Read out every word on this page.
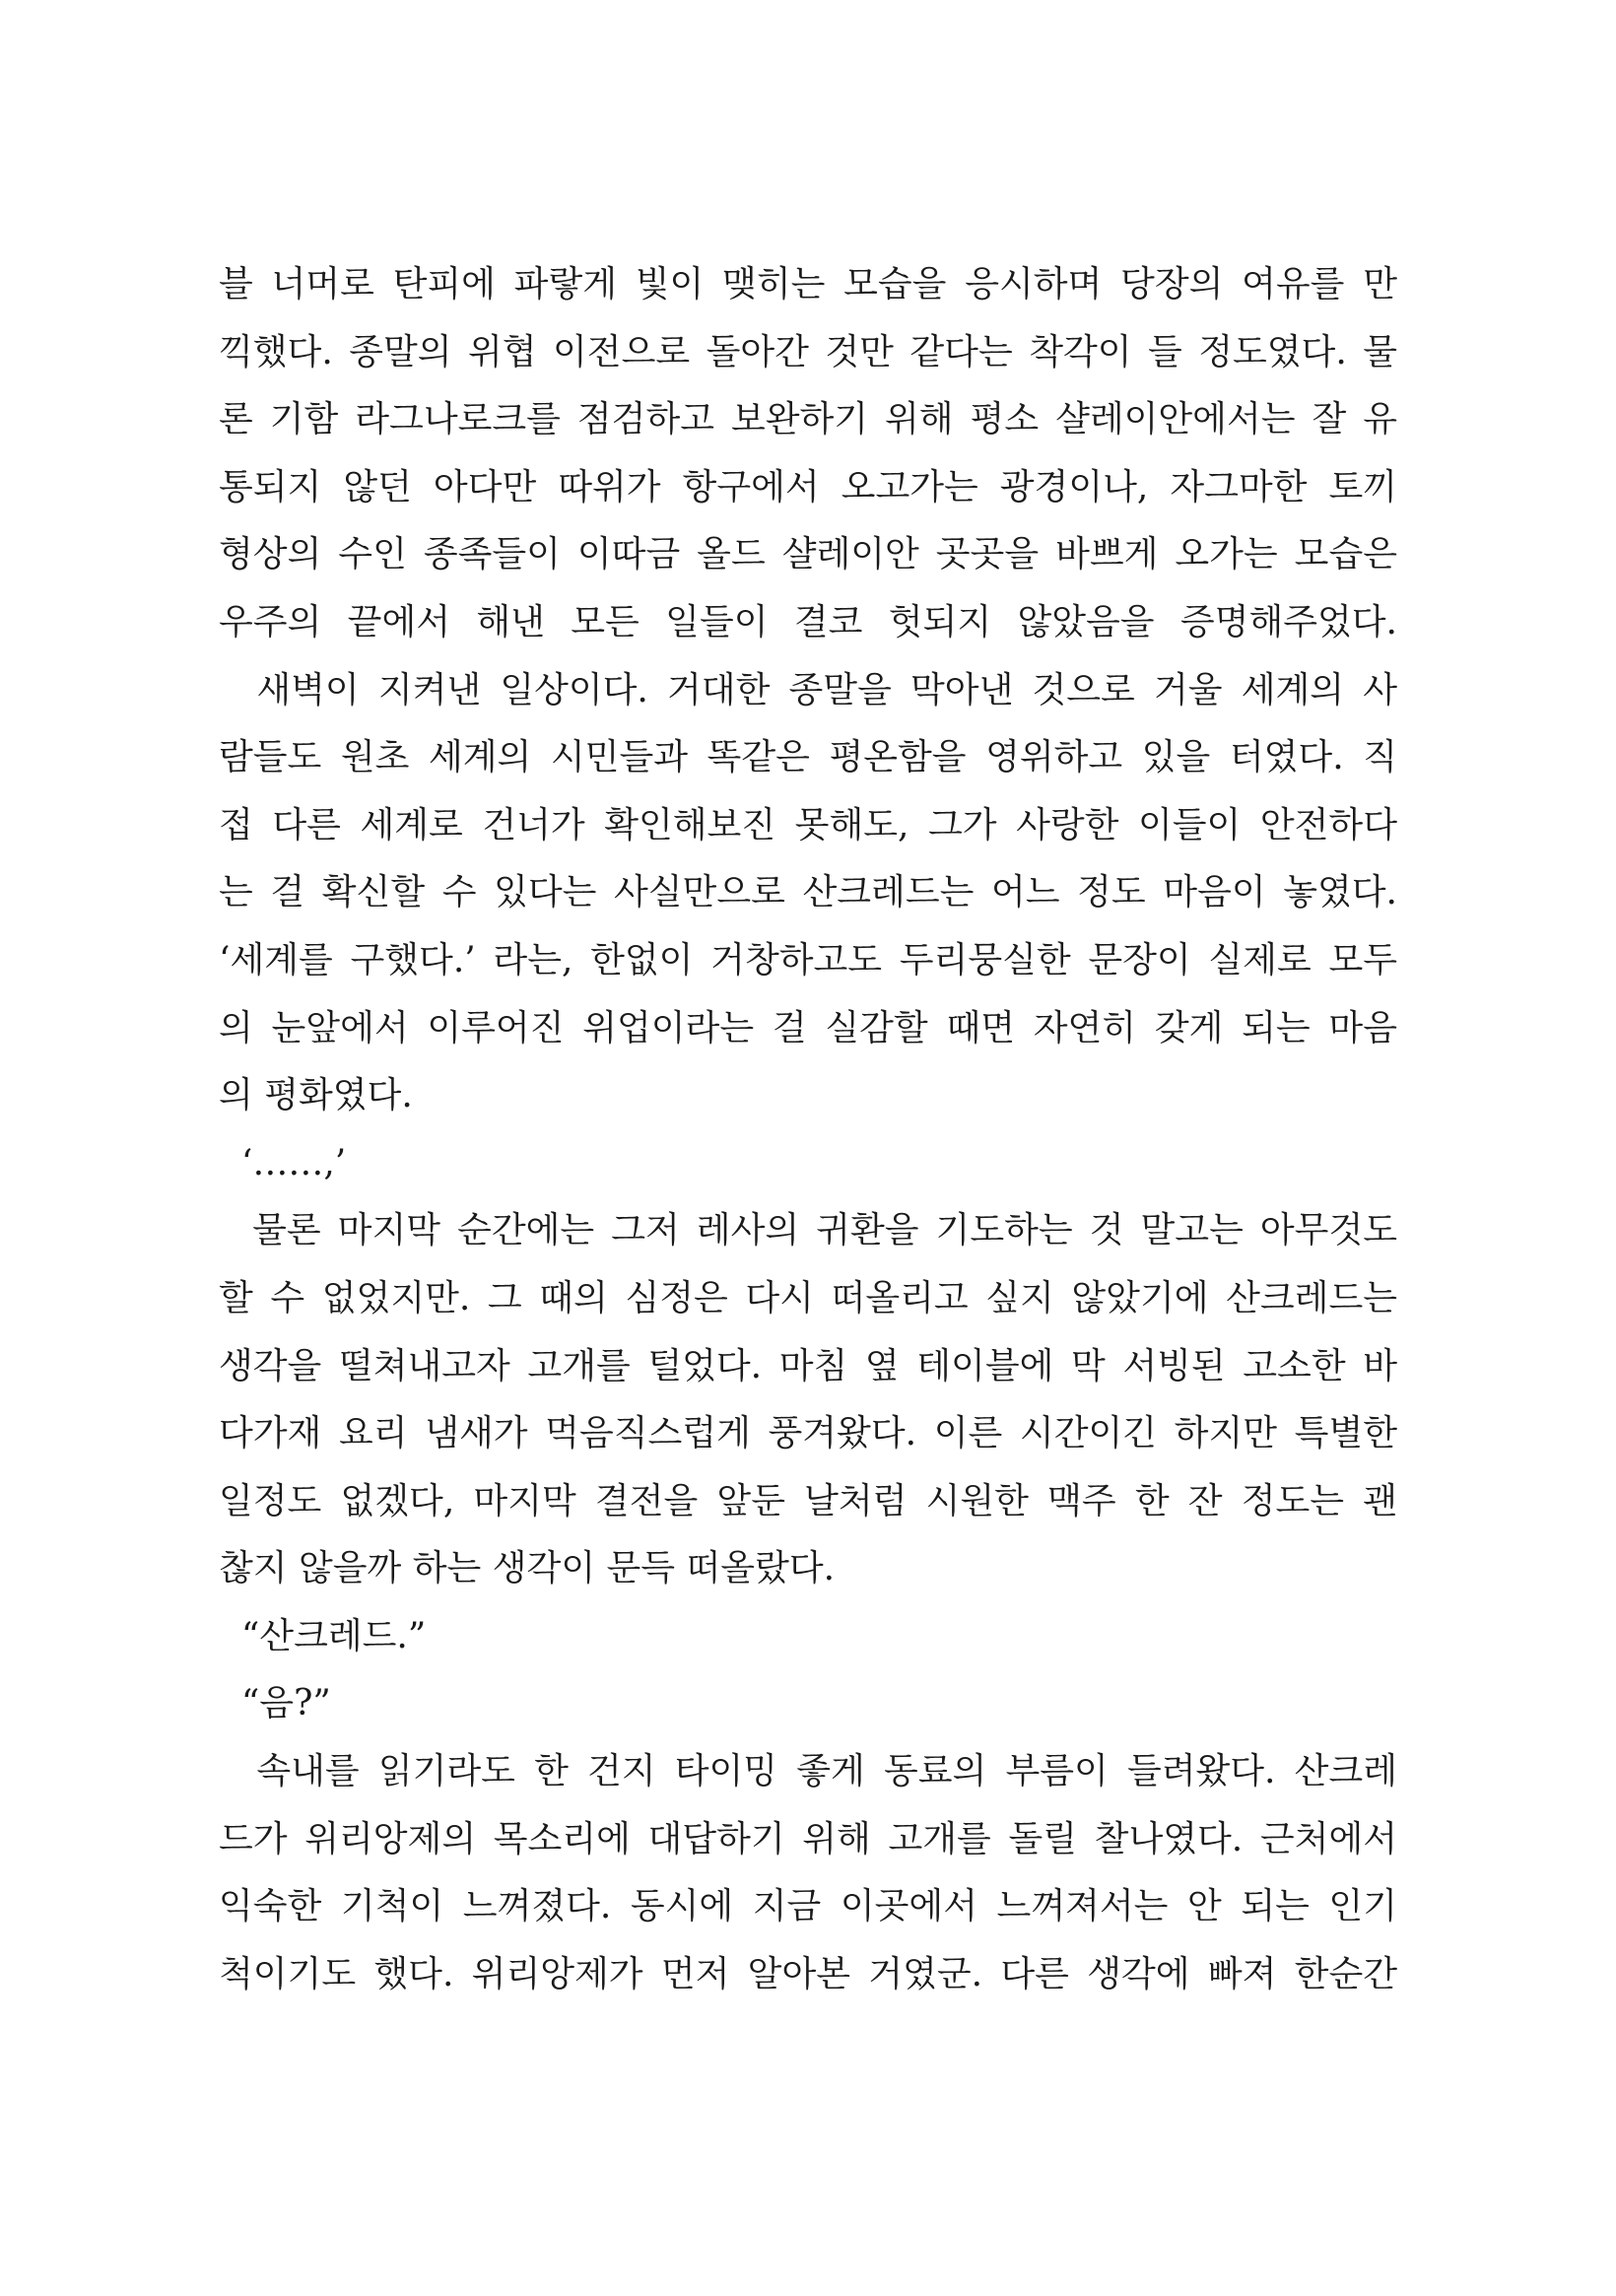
블 너머로 탄피에 파랗게 빛이 맺히는 모습을 응시하며 당장의 여유를 만
끽했다. 종말의 위협 이전으로 돌아간 것만 같다는 착각이 들 정도였다. 물
론 기함 라그나로크를 점검하고 보완하기 위해 평소 샬레이안에서는 잘 유
통되지 않던 아다만 따위가 항구에서 오고가는 광경이나, 자그마한 토끼
형상의 수인 종족들이 이따금 올드 샬레이안 곳곳을 바쁘게 오가는 모습은
우주의 끝에서 해낸 모든 일들이 결코 헛되지 않았음을 증명해주었다.
새벽이 지켜낸 일상이다. 거대한 종말을 막아낸 것으로 거울 세계의 사
람들도 원초 세계의 시민들과 똑같은 평온함을 영위하고 있을 터였다. 직
접 다른 세계로 건너가 확인해보진 못해도, 그가 사랑한 이들이 안전하다
는 걸 확신할 수 있다는 사실만으로 산크레드는 어느 정도 마음이 놓였다.
‘세계를 구했다.’ 라는, 한없이 거창하고도 두리뭉실한 문장이 실제로 모두
의 눈앞에서 이루어진 위업이라는 걸 실감할 때면 자연히 갖게 되는 마음
의 평화였다.
‘……,’
물론 마지막 순간에는 그저 레사의 귀환을 기도하는 것 말고는 아무것도
할 수 없었지만. 그 때의 심정은 다시 떠올리고 싶지 않았기에 산크레드는
생각을 떨쳐내고자 고개를 털었다. 마침 옆 테이블에 막 서빙된 고소한 바
다가재 요리 냄새가 먹음직스럽게 풍겨왔다. 이른 시간이긴 하지만 특별한
일정도 없겠다, 마지막 결전을 앞둔 날처럼 시원한 맥주 한 잔 정도는 괜
찮지 않을까 하는 생각이 문득 떠올랐다.
“산크레드.”
“음?”
속내를 읽기라도 한 건지 타이밍 좋게 동료의 부름이 들려왔다. 산크레
드가 위리앙제의 목소리에 대답하기 위해 고개를 돌릴 찰나였다. 근처에서
익숙한 기척이 느껴졌다. 동시에 지금 이곳에서 느껴져서는 안 되는 인기
척이기도 했다. 위리앙제가 먼저 알아본 거였군. 다른 생각에 빠져 한순간
